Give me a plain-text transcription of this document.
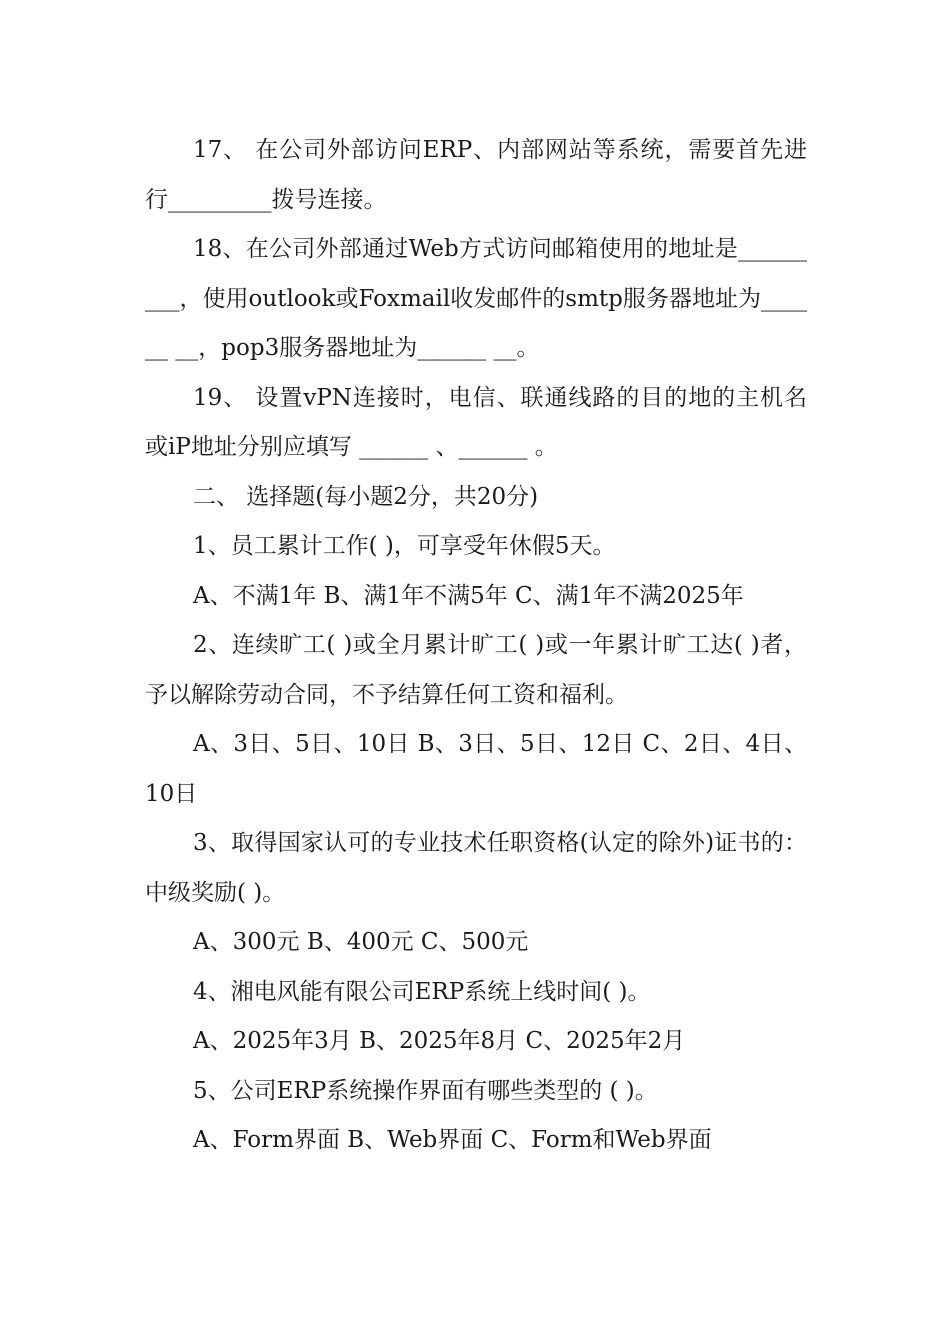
17、 在公司外部访问ERP、内部网站等系统，需要首先进行_________拨号连接。

18、在公司外部通过Web方式访问邮箱使用的地址是______ ___，使用outlook或Foxmail收发邮件的smtp服务器地址为______ __，pop3服务器地址为______ __。

19、 设置vPN连接时，电信、联通线路的目的地的主机名或iP地址分别应填写 ______ 、______ 。

二、 选择题(每小题2分，共20分)

1、员工累计工作( )，可享受年休假5天。

A、不满1年 B、满1年不满5年 C、满1年不满2025年

2、连续旷工( )或全月累计旷工( )或一年累计旷工达( )者，予以解除劳动合同，不予结算任何工资和福利。

A、3日、5日、10日 B、3日、5日、12日 C、2日、4日、10日

3、取得国家认可的专业技术任职资格(认定的除外)证书的：中级奖励( )。

A、300元 B、400元 C、500元

4、湘电风能有限公司ERP系统上线时间( )。

A、2025年3月 B、2025年8月 C、2025年2月

5、公司ERP系统操作界面有哪些类型的 ( )。

A、Form界面 B、Web界面 C、Form和Web界面
